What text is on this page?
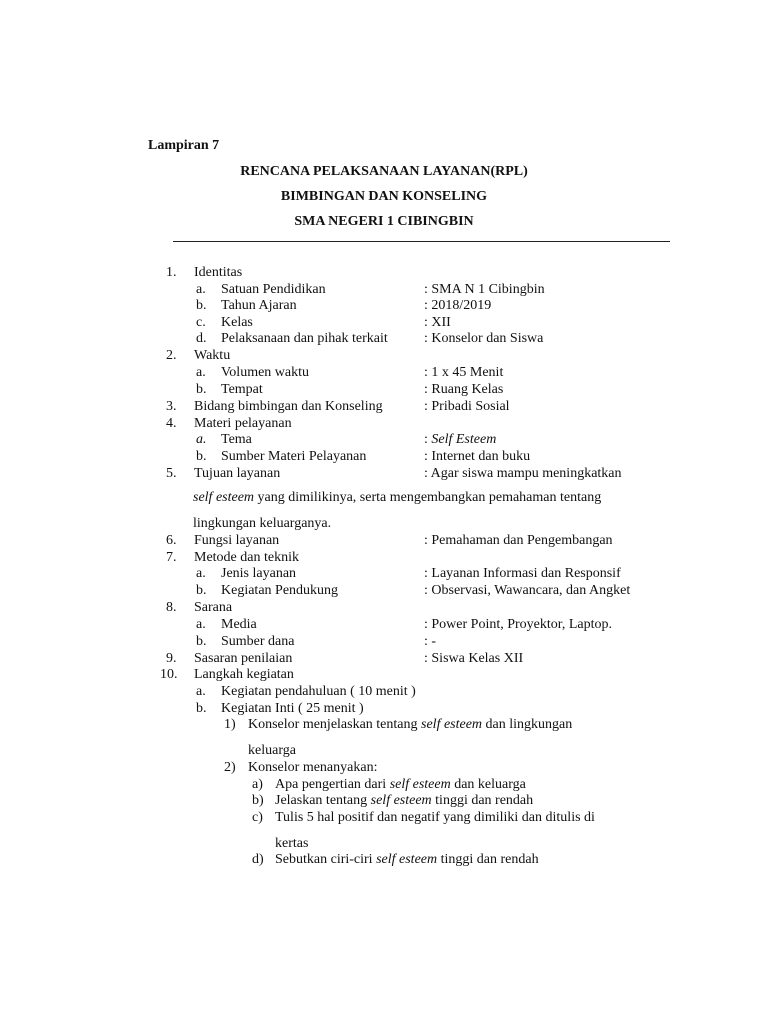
Lampiran 7
RENCANA PELAKSANAAN LAYANAN(RPL)
BIMBINGAN DAN KONSELING
SMA NEGERI 1 CIBINGBIN
1. Identitas
a. Satuan Pendidikan	: SMA N 1 Cibingbin
b. Tahun Ajaran	: 2018/2019
c. Kelas	: XII
d. Pelaksanaan dan pihak terkait	: Konselor dan Siswa
2. Waktu
a. Volumen waktu	: 1 x 45 Menit
b. Tempat	: Ruang Kelas
3. Bidang bimbingan dan Konseling	: Pribadi Sosial
4. Materi pelayanan
a. Tema	: Self Esteem
b. Sumber Materi Pelayanan	: Internet dan buku
5. Tujuan layanan	: Agar siswa mampu meningkatkan
self esteem yang dimilikinya, serta mengembangkan pemahaman tentang
lingkungan keluarganya.
6. Fungsi layanan	: Pemahaman dan Pengembangan
7. Metode dan teknik
a. Jenis layanan	: Layanan Informasi dan Responsif
b. Kegiatan Pendukung	: Observasi, Wawancara, dan Angket
8. Sarana
a. Media	: Power Point, Proyektor, Laptop.
b. Sumber dana	: -
9. Sasaran penilaian	: Siswa Kelas XII
10. Langkah kegiatan
a. Kegiatan pendahuluan ( 10 menit )
b. Kegiatan Inti ( 25 menit )
1) Konselor menjelaskan tentang self esteem dan lingkungan
keluarga
2) Konselor menanyakan:
a) Apa pengertian dari self esteem dan keluarga
b) Jelaskan tentang self esteem tinggi dan rendah
c) Tulis 5 hal positif dan negatif yang dimiliki dan ditulis di
kertas
d) Sebutkan ciri-ciri self esteem tinggi dan rendah
